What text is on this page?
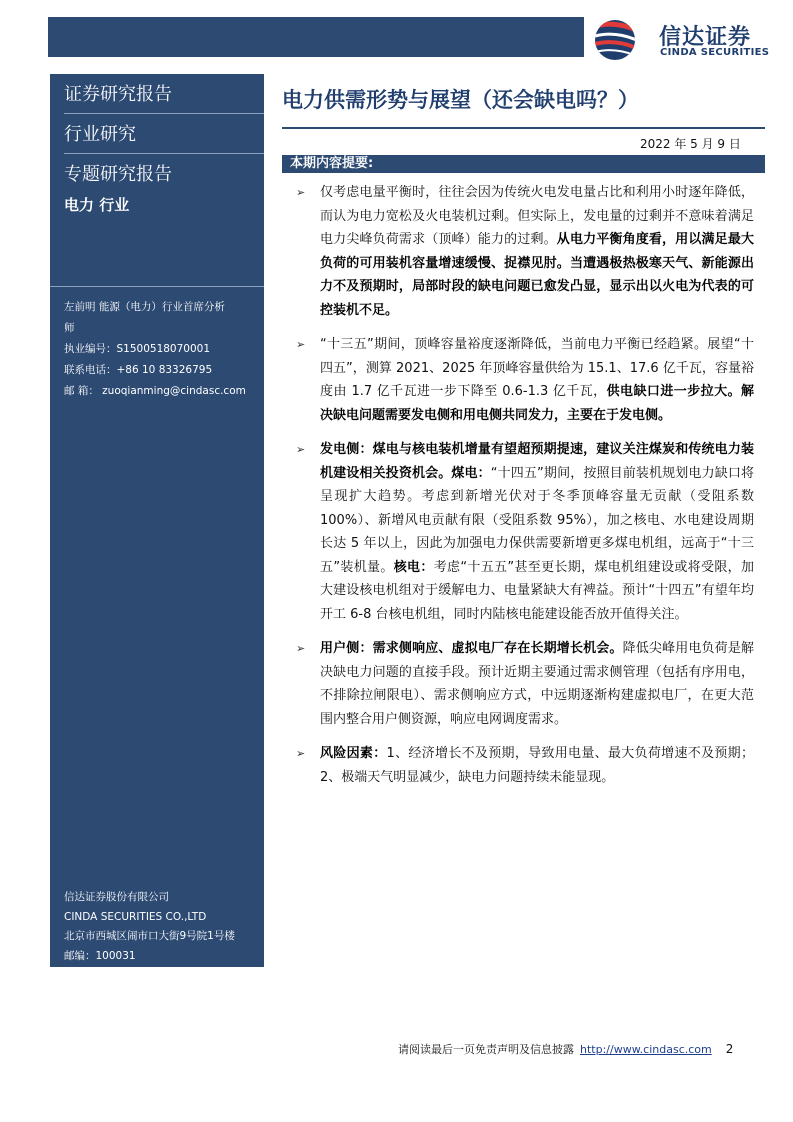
信达证券
CINDA SECURITIES
证券研究报告
行业研究
专题研究报告
电力 行业
左前明 能源（电力）行业首席分析
师
执业编号：S1500518070001
联系电话：+86 10 83326795
邮 箱： zuoqianming@cindasc.com
信达证券股份有限公司
CINDA SECURITIES CO.,LTD
北京市西城区闹市口大街9号院1号楼
邮编：100031
电力供需形势与展望（还会缺电吗？）
2022 年 5 月 9 日
本期内容提要:
➢ 仅考虑电量平衡时，往往会因为传统火电发电量占比和利用小时逐年降低，而认为电力宽松及火电装机过剩。但实际上，发电量的过剩并不意味着满足电力尖峰负荷需求（顶峰）能力的过剩。从电力平衡角度看，用以满足最大负荷的可用装机容量增速缓慢、捉襟见肘。当遭遇极热极寒天气、新能源出力不及预期时，局部时段的缺电问题已愈发凸显，显示出以火电为代表的可控装机不足。
➢ “十三五”期间，顶峰容量裕度逐渐降低，当前电力平衡已经趋紧。展望“十四五”，测算 2021、2025 年顶峰容量供给为 15.1、17.6 亿千瓦，容量裕度由 1.7 亿千瓦进一步下降至 0.6-1.3 亿千瓦，供电缺口进一步拉大。解决缺电问题需要发电侧和用电侧共同发力，主要在于发电侧。
➢ 发电侧：煤电与核电装机增量有望超预期提速，建议关注煤炭和传统电力装机建设相关投资机会。煤电：“十四五”期间，按照目前装机规划电力缺口将呈现扩大趋势。考虑到新增光伏对于冬季顶峰容量无贡献（受阻系数 100%）、新增风电贡献有限（受阻系数 95%），加之核电、水电建设周期长达 5 年以上，因此为加强电力保供需要新增更多煤电机组，远高于“十三五”装机量。核电：考虑“十五五”甚至更长期，煤电机组建设或将受限，加大建设核电机组对于缓解电力、电量紧缺大有裨益。预计“十四五”有望年均开工 6-8 台核电机组，同时内陆核电能建设能否放开值得关注。
➢ 用户侧：需求侧响应、虚拟电厂存在长期增长机会。降低尖峰用电负荷是解决缺电力问题的直接手段。预计近期主要通过需求侧管理（包括有序用电，不排除拉闸限电）、需求侧响应方式，中远期逐渐构建虚拟电厂，在更大范围内整合用户侧资源，响应电网调度需求。
➢ 风险因素：1、经济增长不及预期，导致用电量、最大负荷增速不及预期；2、极端天气明显减少，缺电力问题持续未能显现。
请阅读最后一页免责声明及信息披露 http://www.cindasc.com 2
